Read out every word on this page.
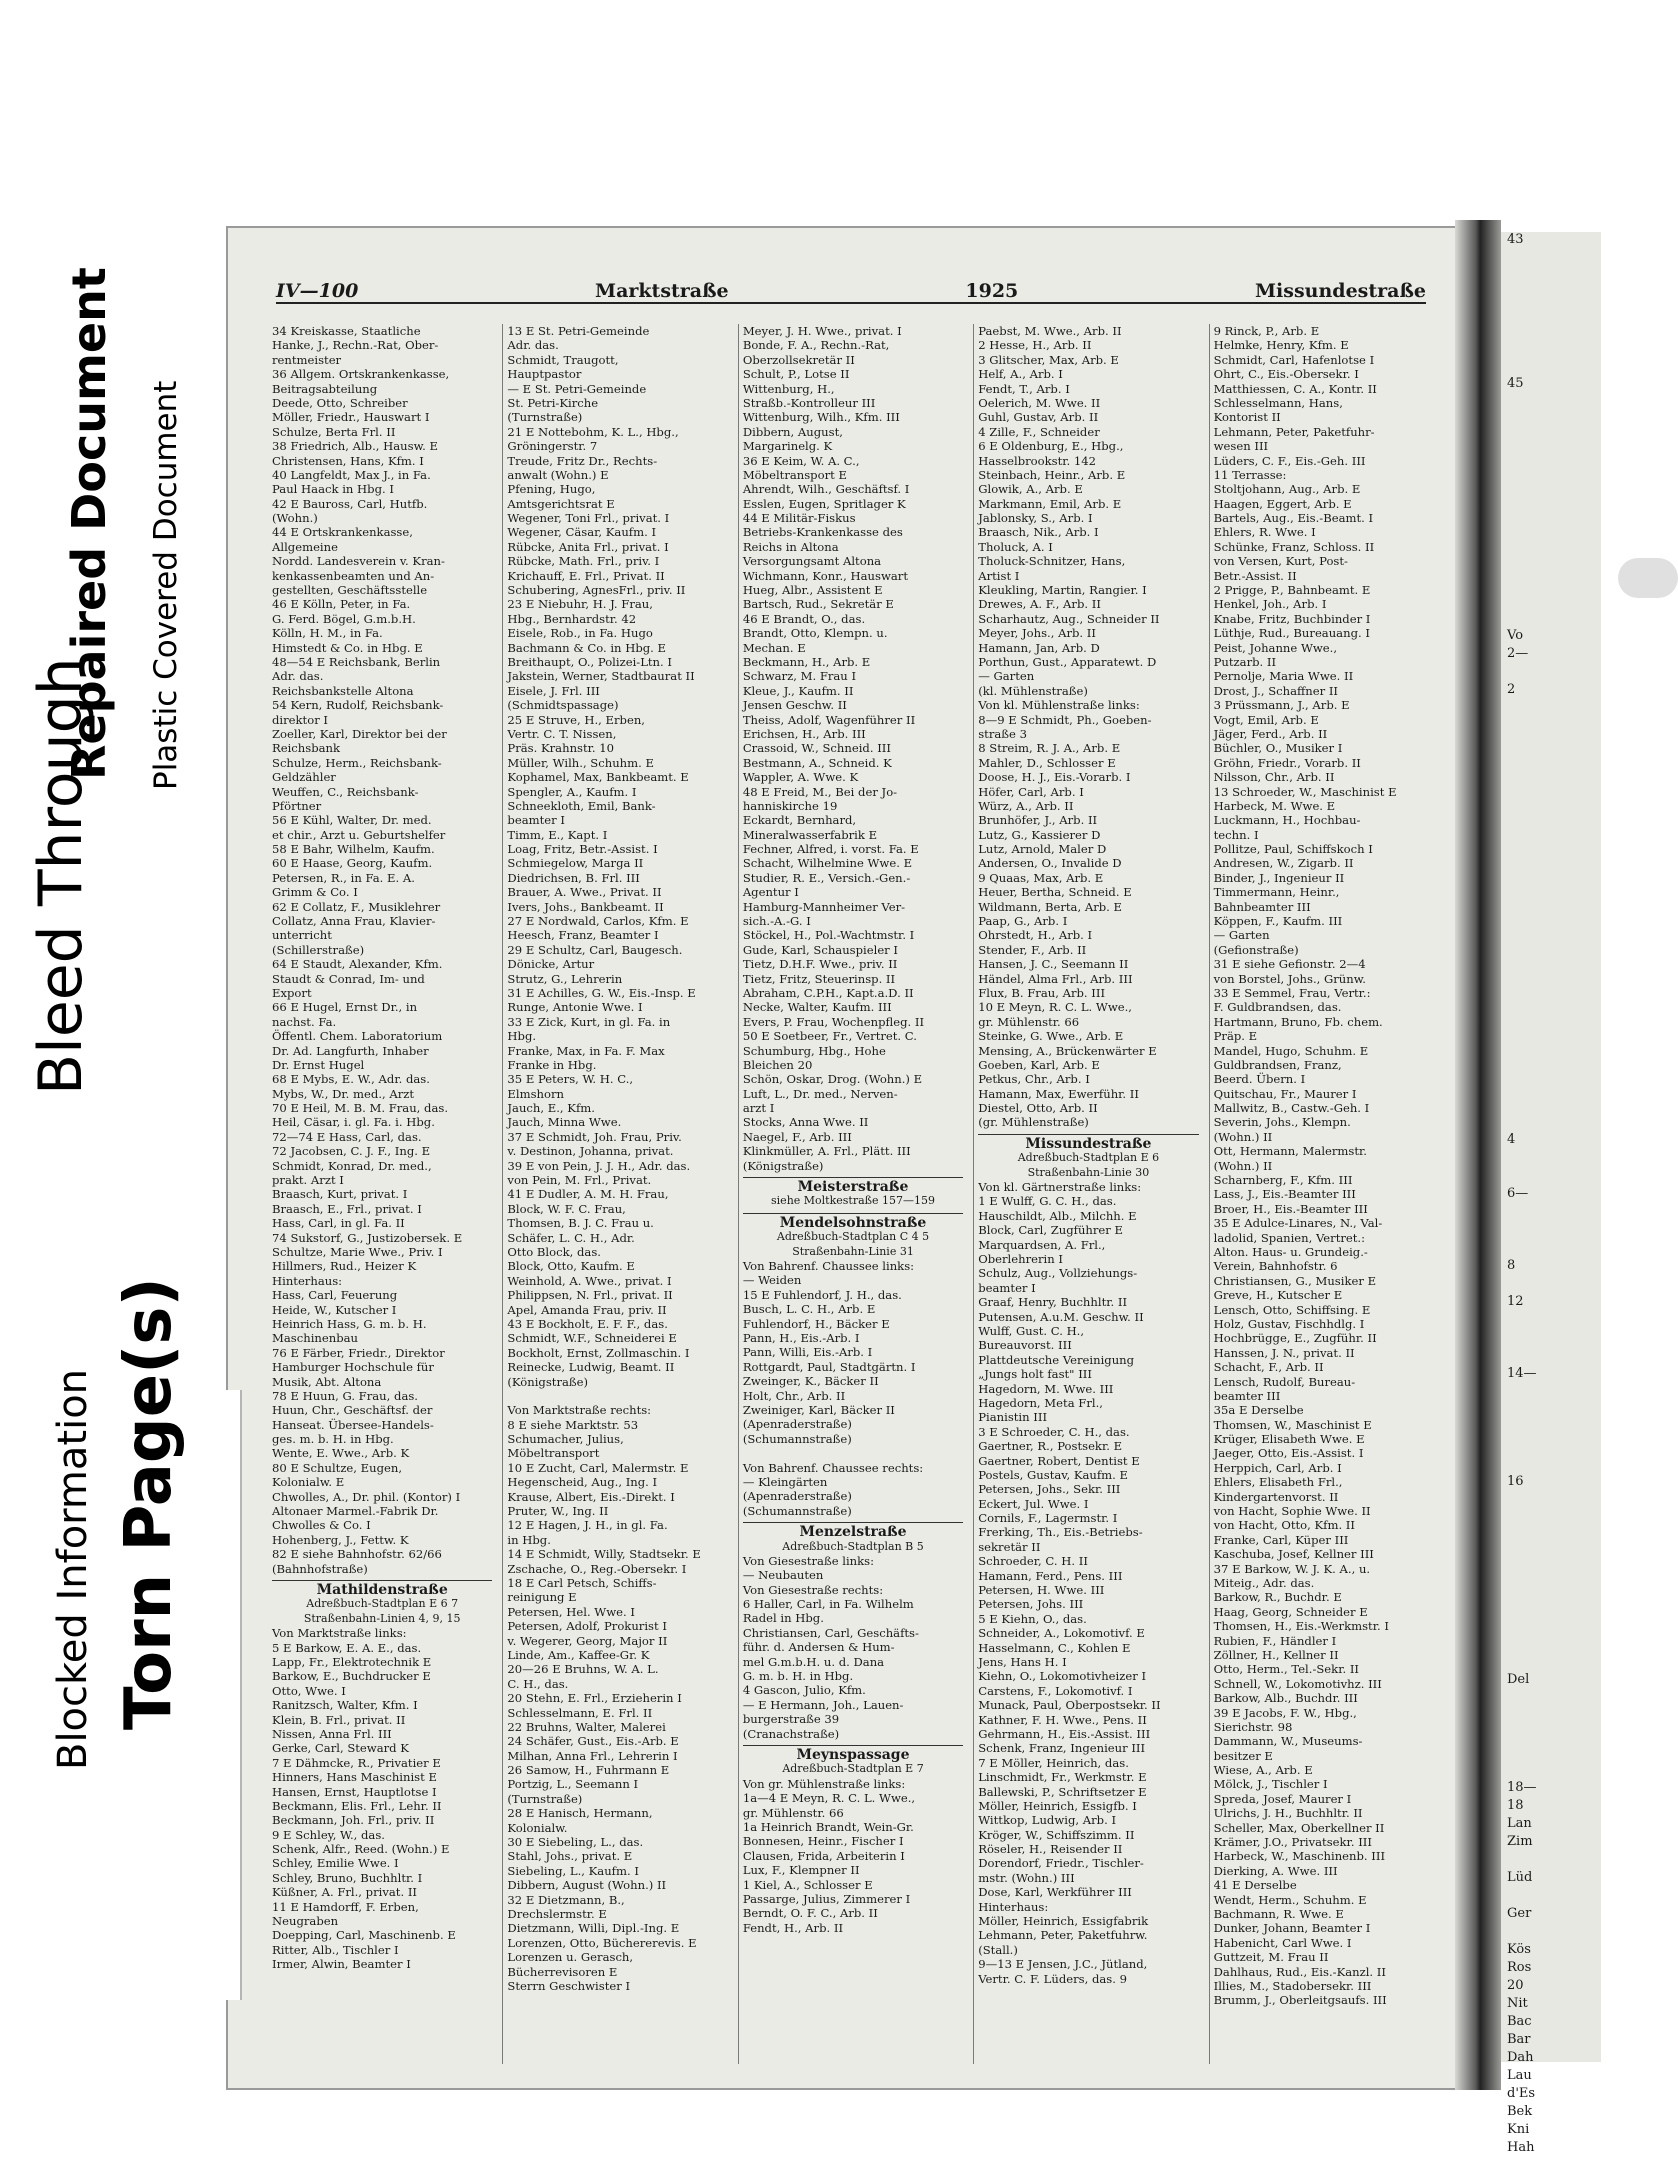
Bleed Through
Repaired Document Plastic Covered Document
Blocked Information Torn Page(s)
IV—100	Marktstraße	1925	Missundestraße
34 Kreiskasse, Staatliche
Hanke, J., Rechn.-Rat, Ober-
rentmeister
36 Allgem. Ortskrankenkasse,
Beitragsabteilung
Deede, Otto, Schreiber
Möller, Friedr., Hauswart I
Schulze, Berta Frl. II
38 Friedrich, Alb., Hausw. E
Christensen, Hans, Kfm. I
40 Langfeldt, Max J., in Fa.
Paul Haack in Hbg. I
42 E Bauross, Carl, Hutfb.
(Wohn.)
44 E Ortskrankenkasse,
Allgemeine
Nordd. Landesverein v. Kran-
kenkassenbeamten und An-
gestellten, Geschäftsstelle
46 E Kölln, Peter, in Fa.
G. Ferd. Bögel, G.m.b.H.
Kölln, H. M., in Fa.
Himstedt & Co. in Hbg. E
48—54 E Reichsbank, Berlin
Adr. das.
Reichsbankstelle Altona
54 Kern, Rudolf, Reichsbank-
direktor I
Zoeller, Karl, Direktor bei der
Reichsbank
Schulze, Herm., Reichsbank-
Geldzähler
Weuffen, C., Reichsbank-
Pförtner
56 E Kühl, Walter, Dr. med.
et chir., Arzt u. Geburtshelfer
58 E Bahr, Wilhelm, Kaufm.
60 E Haase, Georg, Kaufm.
Petersen, R., in Fa. E. A.
Grimm & Co. I
62 E Collatz, F., Musiklehrer
Collatz, Anna Frau, Klavier-
unterricht
(Schillerstraße)
64 E Staudt, Alexander, Kfm.
Staudt & Conrad, Im- und
Export
66 E Hugel, Ernst Dr., in
nachst. Fa.
Öffentl. Chem. Laboratorium
Dr. Ad. Langfurth, Inhaber
Dr. Ernst Hugel
68 E Mybs, E. W., Adr. das.
Mybs, W., Dr. med., Arzt
70 E Heil, M. B. M. Frau, das.
Heil, Cäsar, i. gl. Fa. i. Hbg.
72—74 E Hass, Carl, das.
72 Jacobsen, C. J. F., Ing. E
Schmidt, Konrad, Dr. med.,
prakt. Arzt I
Braasch, Kurt, privat. I
Braasch, E., Frl., privat. I
Hass, Carl, in gl. Fa. II
74 Sukstorf, G., Justizobersek. E
Schultze, Marie Wwe., Priv. I
Hillmers, Rud., Heizer K
Hinterhaus:
Hass, Carl, Feuerung
Heide, W., Kutscher I
Heinrich Hass, G. m. b. H.
Maschinenbau
76 E Färber, Friedr., Direktor
Hamburger Hochschule für
Musik, Abt. Altona
78 E Huun, G. Frau, das.
Huun, Chr., Geschäftsf. der
Hanseat. Übersee-Handels-
ges. m. b. H. in Hbg.
Wente, E. Wwe., Arb. K
80 E Schultze, Eugen,
Kolonialw. E
Chwolles, A., Dr. phil. (Kontor) I
Altonaer Marmel.-Fabrik Dr.
Chwolles & Co. I
Hohenberg, J., Fettw. K
82 E siehe Bahnhofstr. 62/66
(Bahnhofstraße)
Mathildenstraße
Adreßbuch-Stadtplan E 6 7
Straßenbahn-Linien 4, 9, 15
Von Marktstraße links:
5 E Barkow, E. A. E., das.
Lapp, Fr., Elektrotechnik E
Barkow, E., Buchdrucker E
Otto, Wwe. I
Ranitzsch, Walter, Kfm. I
Klein, B. Frl., privat. II
Nissen, Anna Frl. III
Gerke, Carl, Steward K
7 E Dähmcke, R., Privatier E
Hinners, Hans Maschinist E
Hansen, Ernst, Hauptlotse I
Beckmann, Elis. Frl., Lehr. II
Beckmann, Joh. Frl., priv. II
9 E Schley, W., das.
Schenk, Alfr., Reed. (Wohn.) E
Schley, Emilie Wwe. I
Schley, Bruno, Buchhltr. I
Küßner, A. Frl., privat. II
11 E Hamdorff, F. Erben,
Neugraben
Doepping, Carl, Maschinenb. E
Ritter, Alb., Tischler I
Irmer, Alwin, Beamter I
13 E St. Petri-Gemeinde
Adr. das.
Schmidt, Traugott,
Hauptpastor
— E St. Petri-Gemeinde
St. Petri-Kirche
(Turnstraße)
21 E Nottebohm, K. L., Hbg.,
Gröningerstr. 7
Treude, Fritz Dr., Rechts-
anwalt (Wohn.) E
Pfening, Hugo,
Amtsgerichtsrat E
Wegener, Toni Frl., privat. I
Wegener, Cäsar, Kaufm. I
Rübcke, Anita Frl., privat. I
Rübcke, Math. Frl., priv. I
Krichauff, E. Frl., Privat. II
Schubering, AgnesFrl., priv. II
23 E Niebuhr, H. J. Frau,
Hbg., Bernhardstr. 42
Eisele, Rob., in Fa. Hugo
Bachmann & Co. in Hbg. E
Breithaupt, O., Polizei-Ltn. I
Jakstein, Werner, Stadtbaurat II
Eisele, J. Frl. III
(Schmidtspassage)
25 E Struve, H., Erben,
Vertr. C. T. Nissen,
Präs. Krahnstr. 10
Müller, Wilh., Schuhm. E
Kophamel, Max, Bankbeamt. E
Spengler, A., Kaufm. I
Schneekloth, Emil, Bank-
beamter I
Timm, E., Kapt. I
Loag, Fritz, Betr.-Assist. I
Schmiegelow, Marga II
Diedrichsen, B. Frl. III
Brauer, A. Wwe., Privat. II
Ivers, Johs., Bankbeamt. II
27 E Nordwald, Carlos, Kfm. E
Heesch, Franz, Beamter I
29 E Schultz, Carl, Baugesch.
Dönicke, Artur
Strutz, G., Lehrerin
31 E Achilles, G. W., Eis.-Insp. E
Runge, Antonie Wwe. I
33 E Zick, Kurt, in gl. Fa. in
Hbg.
Franke, Max, in Fa. F. Max
Franke in Hbg.
35 E Peters, W. H. C.,
Elmshorn
Jauch, E., Kfm.
Jauch, Minna Wwe.
37 E Schmidt, Joh. Frau, Priv.
v. Destinon, Johanna, privat.
39 E von Pein, J. J. H., Adr. das.
von Pein, M. Frl., Privat.
41 E Dudler, A. M. H. Frau,
Block, W. F. C. Frau,
Thomsen, B. J. C. Frau u.
Schäfer, L. C. H., Adr.
Otto Block, das.
Block, Otto, Kaufm. E
Weinhold, A. Wwe., privat. I
Philippsen, N. Frl., privat. II
Apel, Amanda Frau, priv. II
43 E Bockholt, E. F. F., das.
Schmidt, W.F., Schneiderei E
Bockholt, Ernst, Zollmaschin. I
Reinecke, Ludwig, Beamt. II
(Königstraße)
Von Marktstraße rechts:
8 E siehe Marktstr. 53
Schumacher, Julius,
Möbeltransport
10 E Zucht, Carl, Malermstr. E
Hegenscheid, Aug., Ing. I
Krause, Albert, Eis.-Direkt. I
Pruter, W., Ing. II
12 E Hagen, J. H., in gl. Fa.
in Hbg.
14 E Schmidt, Willy, Stadtsekr. E
Zschache, O., Reg.-Obersekr. I
18 E Carl Petsch, Schiffs-
reinigung E
Petersen, Hel. Wwe. I
Petersen, Adolf, Prokurist I
v. Wegerer, Georg, Major II
Linde, Am., Kaffee-Gr. K
20—26 E Bruhns, W. A. L.
C. H., das.
20 Stehn, E. Frl., Erzieherin I
Schlesselmann, E. Frl. II
22 Bruhns, Walter, Malerei
24 Schäfer, Gust., Eis.-Arb. E
Milhan, Anna Frl., Lehrerin I
26 Samow, H., Fuhrmann E
Portzig, L., Seemann I
(Turnstraße)
28 E Hanisch, Hermann,
Kolonialw.
30 E Siebeling, L., das.
Stahl, Johs., privat. E
Siebeling, L., Kaufm. I
Dibbern, August (Wohn.) II
32 E Dietzmann, B.,
Drechslermstr. E
Dietzmann, Willi, Dipl.-Ing. E
Lorenzen, Otto, Büchererevis. E
Lorenzen u. Gerasch,
Bücherrevisoren E
Sterrn Geschwister I
Meyer, J. H. Wwe., privat. I
Bonde, F. A., Rechn.-Rat,
Oberzollsekretär II
Schult, P., Lotse II
Wittenburg, H.,
Straßb.-Kontrolleur III
Wittenburg, Wilh., Kfm. III
Dibbern, August,
Margarinelg. K
36 E Keim, W. A. C.,
Möbeltransport E
Ahrendt, Wilh., Geschäftsf. I
Esslen, Eugen, Spritlager K
44 E Militär-Fiskus
Betriebs-Krankenkasse des
Reichs in Altona
Versorgungsamt Altona
Wichmann, Konr., Hauswart
Hueg, Albr., Assistent E
Bartsch, Rud., Sekretär E
46 E Brandt, O., das.
Brandt, Otto, Klempn. u.
Mechan. E
Beckmann, H., Arb. E
Schwarz, M. Frau I
Kleue, J., Kaufm. II
Jensen Geschw. II
Theiss, Adolf, Wagenführer II
Erichsen, H., Arb. III
Crassoid, W., Schneid. III
Bestmann, A., Schneid. K
Wappler, A. Wwe. K
48 E Freid, M., Bei der Jo-
hanniskirche 19
Eckardt, Bernhard,
Mineralwasserfabrik E
Fechner, Alfred, i. vorst. Fa. E
Schacht, Wilhelmine Wwe. E
Studier, R. E., Versich.-Gen.-
Agentur I
Hamburg-Mannheimer Ver-
sich.-A.-G. I
Stöckel, H., Pol.-Wachtmstr. I
Gude, Karl, Schauspieler I
Tietz, D.H.F. Wwe., priv. II
Tietz, Fritz, Steuerinsp. II
Abraham, C.P.H., Kapt.a.D. II
Necke, Walter, Kaufm. III
Evers, P. Frau, Wochenpfleg. II
50 E Soetbeer, Fr., Vertret. C.
Schumburg, Hbg., Hohe
Bleichen 20
Schön, Oskar, Drog. (Wohn.) E
Luft, L., Dr. med., Nerven-
arzt I
Stocks, Anna Wwe. II
Naegel, F., Arb. III
Klinkmüller, A. Frl., Plätt. III
(Königstraße)
Meisterstraße
siehe Moltkestraße 157—159
Mendelsohnstraße
Adreßbuch-Stadtplan C 4 5
Straßenbahn-Linie 31
Von Bahrenf. Chaussee links:
— Weiden
15 E Fuhlendorf, J. H., das.
Busch, L. C. H., Arb. E
Fuhlendorf, H., Bäcker E
Pann, H., Eis.-Arb. I
Pann, Willi, Eis.-Arb. I
Rottgardt, Paul, Stadtgärtn. I
Zweinger, K., Bäcker II
Holt, Chr., Arb. II
Zweiniger, Karl, Bäcker II
(Apenraderstraße)
(Schumannstraße)
Von Bahrenf. Chaussee rechts:
— Kleingärten
(Apenraderstraße)
(Schumannstraße)
Menzelstraße
Adreßbuch-Stadtplan B 5
Von Giesestraße links:
— Neubauten
Von Giesestraße rechts:
6 Haller, Carl, in Fa. Wilhelm
Radel in Hbg.
Christiansen, Carl, Geschäfts-
führ. d. Andersen & Hum-
mel G.m.b.H. u. d. Dana
G. m. b. H. in Hbg.
4 Gascon, Julio, Kfm.
— E Hermann, Joh., Lauen-
burgerstraße 39
(Cranachstraße)
Meynspassage
Adreßbuch-Stadtplan E 7
Von gr. Mühlenstraße links:
1a—4 E Meyn, R. C. L. Wwe.,
gr. Mühlenstr. 66
1a Heinrich Brandt, Wein-Gr.
Bonnesen, Heinr., Fischer I
Clausen, Frida, Arbeiterin I
Lux, F., Klempner II
1 Kiel, A., Schlosser E
Passarge, Julius, Zimmerer I
Berndt, O. F. C., Arb. II
Fendt, H., Arb. II
Paebst, M. Wwe., Arb. II
2 Hesse, H., Arb. II
3 Glitscher, Max, Arb. E
Helf, A., Arb. I
Fendt, T., Arb. I
Oelerich, M. Wwe. II
Guhl, Gustav, Arb. II
4 Zille, F., Schneider
6 E Oldenburg, E., Hbg.,
Hasselbrookstr. 142
Steinbach, Heinr., Arb. E
Glowik, A., Arb. E
Markmann, Emil, Arb. E
Jablonsky, S., Arb. I
Braasch, Nik., Arb. I
Tholuck, A. I
Tholuck-Schnitzer, Hans,
Artist I
Kleukling, Martin, Rangier. I
Drewes, A. F., Arb. II
Scharhautz, Aug., Schneider II
Meyer, Johs., Arb. II
Hamann, Jan, Arb. D
Porthun, Gust., Apparatewt. D
— Garten
(kl. Mühlenstraße)
Von kl. Mühlenstraße links:
8—9 E Schmidt, Ph., Goeben-
straße 3
8 Streim, R. J. A., Arb. E
Mahler, D., Schlosser E
Doose, H. J., Eis.-Vorarb. I
Höfer, Carl, Arb. I
Würz, A., Arb. II
Brunhöfer, J., Arb. II
Lutz, G., Kassierer D
Lutz, Arnold, Maler D
Andersen, O., Invalide D
9 Quaas, Max, Arb. E
Heuer, Bertha, Schneid. E
Wildmann, Berta, Arb. E
Paap, G., Arb. I
Ohrstedt, H., Arb. I
Stender, F., Arb. II
Hansen, J. C., Seemann II
Händel, Alma Frl., Arb. III
Flux, B. Frau, Arb. III
10 E Meyn, R. C. L. Wwe.,
gr. Mühlenstr. 66
Steinke, G. Wwe., Arb. E
Mensing, A., Brückenwärter E
Goeben, Karl, Arb. E
Petkus, Chr., Arb. I
Hamann, Max, Ewerführ. II
Diestel, Otto, Arb. II
(gr. Mühlenstraße)
Missundestraße
Adreßbuch-Stadtplan E 6
Straßenbahn-Linie 30
Von kl. Gärtnerstraße links:
1 E Wulff, G. C. H., das.
Hauschildt, Alb., Milchh. E
Block, Carl, Zugführer E
Marquardsen, A. Frl.,
Oberlehrerin I
Schulz, Aug., Vollziehungs-
beamter I
Graaf, Henry, Buchhltr. II
Putensen, A.u.M. Geschw. II
Wulff, Gust. C. H.,
Bureauvorst. III
Plattdeutsche Vereinigung
„Jungs holt fast" III
Hagedorn, M. Wwe. III
Hagedorn, Meta Frl.,
Pianistin III
3 E Schroeder, C. H., das.
Gaertner, R., Postsekr. E
Gaertner, Robert, Dentist E
Postels, Gustav, Kaufm. E
Petersen, Johs., Sekr. III
Eckert, Jul. Wwe. I
Cornils, F., Lagermstr. I
Frerking, Th., Eis.-Betriebs-
sekretär II
Schroeder, C. H. II
Hamann, Ferd., Pens. III
Petersen, H. Wwe. III
Petersen, Johs. III
5 E Kiehn, O., das.
Schneider, A., Lokomotivf. E
Hasselmann, C., Kohlen E
Jens, Hans H. I
Kiehn, O., Lokomotivheizer I
Carstens, F., Lokomotivf. I
Munack, Paul, Oberpostsekr. II
Kathner, F. H. Wwe., Pens. II
Gehrmann, H., Eis.-Assist. III
Schenk, Franz, Ingenieur III
7 E Möller, Heinrich, das.
Linschmidt, Fr., Werkmstr. E
Ballewski, P., Schriftsetzer E
Möller, Heinrich, Essigfb. I
Wittkop, Ludwig, Arb. I
Kröger, W., Schiffszimm. II
Röseler, H., Reisender II
Dorendorf, Friedr., Tischler-
mstr. (Wohn.) III
Dose, Karl, Werkführer III
Hinterhaus:
Möller, Heinrich, Essigfabrik
Lehmann, Peter, Paketfuhrw.
(Stall.)
9—13 E Jensen, J.C., Jütland,
Vertr. C. F. Lüders, das. 9
9 Rinck, P., Arb. E
Helmke, Henry, Kfm. E
Schmidt, Carl, Hafenlotse I
Ohrt, C., Eis.-Obersekr. I
Matthiessen, C. A., Kontr. II
Schlesselmann, Hans,
Kontorist II
Lehmann, Peter, Paketfuhr-
wesen III
Lüders, C. F., Eis.-Geh. III
11 Terrasse:
Stoltjohann, Aug., Arb. E
Haagen, Eggert, Arb. E
Bartels, Aug., Eis.-Beamt. I
Ehlers, R. Wwe. I
Schünke, Franz, Schloss. II
von Versen, Kurt, Post-
Betr.-Assist. II
2 Prigge, P., Bahnbeamt. E
Henkel, Joh., Arb. I
Knabe, Fritz, Buchbinder I
Lüthje, Rud., Bureauang. I
Peist, Johanne Wwe.,
Putzarb. II
Pernolje, Maria Wwe. II
Drost, J., Schaffner II
3 Prüssmann, J., Arb. E
Vogt, Emil, Arb. E
Jäger, Ferd., Arb. II
Büchler, O., Musiker I
Gröhn, Friedr., Vorarb. II
Nilsson, Chr., Arb. II
13 Schroeder, W., Maschinist E
Harbeck, M. Wwe. E
Luckmann, H., Hochbau-
techn. I
Pollitze, Paul, Schiffskoch I
Andresen, W., Zigarb. II
Binder, J., Ingenieur II
Timmermann, Heinr.,
Bahnbeamter III
Köppen, F., Kaufm. III
— Garten
(Gefionstraße)
31 E siehe Gefionstr. 2—4
von Borstel, Johs., Grünw.
33 E Semmel, Frau, Vertr.:
F. Guldbrandsen, das.
Hartmann, Bruno, Fb. chem.
Präp. E
Mandel, Hugo, Schuhm. E
Guldbrandsen, Franz,
Beerd. Übern. I
Quitschau, Fr., Maurer I
Mallwitz, B., Castw.-Geh. I
Severin, Johs., Klempn.
(Wohn.) II
Ott, Hermann, Malermstr.
(Wohn.) II
Scharnberg, F., Kfm. III
Lass, J., Eis.-Beamter III
Broer, H., Eis.-Beamter III
35 E Adulce-Linares, N., Val-
ladolid, Spanien, Vertret.:
Alton. Haus- u. Grundeig.-
Verein, Bahnhofstr. 6
Christiansen, G., Musiker E
Greve, H., Kutscher E
Lensch, Otto, Schiffsing. E
Holz, Gustav, Fischhdlg. I
Hochbrügge, E., Zugführ. II
Hanssen, J. N., privat. II
Schacht, F., Arb. II
Lensch, Rudolf, Bureau-
beamter III
35a E Derselbe
Thomsen, W., Maschinist E
Krüger, Elisabeth Wwe. E
Jaeger, Otto, Eis.-Assist. I
Herppich, Carl, Arb. I
Ehlers, Elisabeth Frl.,
Kindergartenvorst. II
von Hacht, Sophie Wwe. II
von Hacht, Otto, Kfm. II
Franke, Carl, Küper III
Kaschuba, Josef, Kellner III
37 E Barkow, W. J. K. A., u.
Miteig., Adr. das.
Barkow, R., Buchdr. E
Haag, Georg, Schneider E
Thomsen, H., Eis.-Werkmstr. I
Rubien, F., Händler I
Zöllner, H., Kellner II
Otto, Herm., Tel.-Sekr. II
Schnell, W., Lokomotivhz. III
Barkow, Alb., Buchdr. III
39 E Jacobs, F. W., Hbg.,
Sierichstr. 98
Dammann, W., Museums-
besitzer E
Wiese, A., Arb. E
Mölck, J., Tischler I
Spreda, Josef, Maurer I
Ulrichs, J. H., Buchhltr. II
Scheller, Max, Oberkellner II
Krämer, J.O., Privatsekr. III
Harbeck, W., Maschinenb. III
Dierking, A. Wwe. III
41 E Derselbe
Wendt, Herm., Schuhm. E
Bachmann, R. Wwe. E
Dunker, Johann, Beamter I
Habenicht, Carl Wwe. I
Guttzeit, M. Frau II
Dahlhaus, Rud., Eis.-Kanzl. II
Illies, M., Stadobersekr. III
Brumm, J., Oberleitgsaufs. III
43
45
Vo
2—
2
4
6—
8
12
14—
16
Del
18—
18
Lan
Zim
Lüd
Ger
Kös
Ros
20
Nit
Bac
Bar
Dah
Lau
d'Es
Bek
Kni
Hah
